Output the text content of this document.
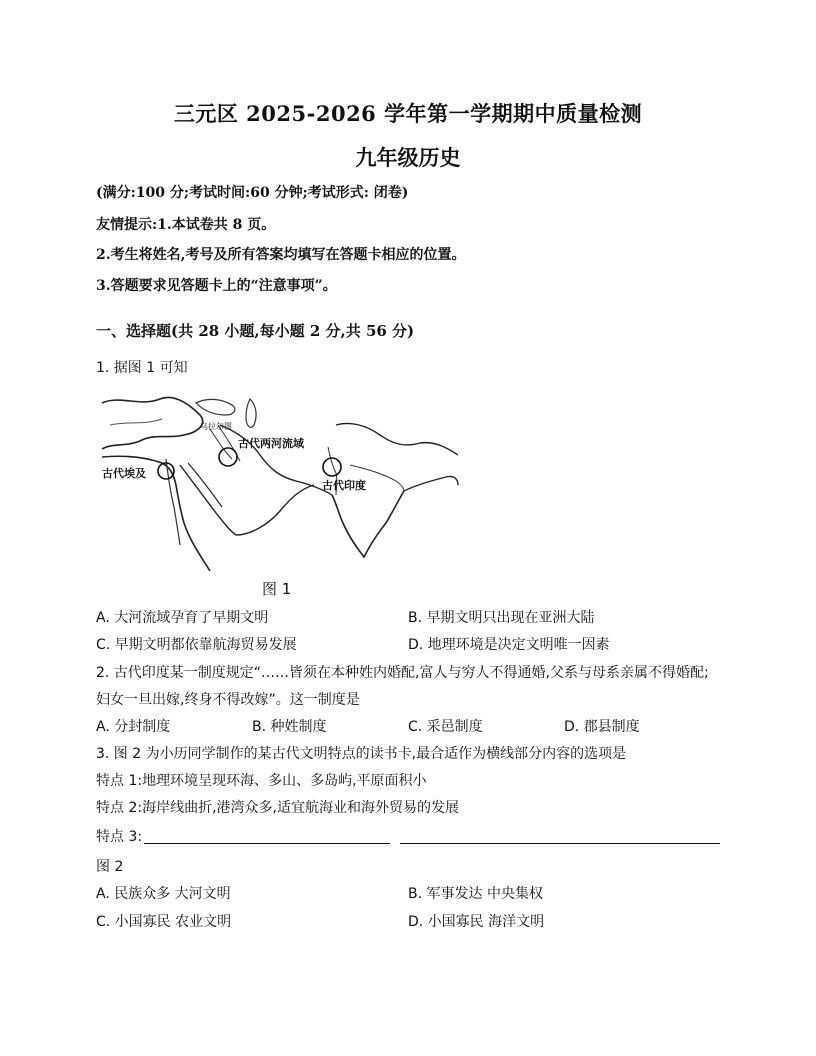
三元区 2025-2026 学年第一学期期中质量检测
九年级历史
(满分:100 分;考试时间:60 分钟;考试形式: 闭卷)
友情提示:1.本试卷共 8 页。
2.考生将姓名,考号及所有答案均填写在答题卡相应的位置。
3.答题要求见答题卡上的“注意事项”。
一、选择题(共 28 小题,每小题 2 分,共 56 分)
1. 据图 1 可知
乌拉尔图
古代两河流域
古代埃及
古代印度
图 1
A. 大河流域孕育了早期文明	B. 早期文明只出现在亚洲大陆
C. 早期文明都依靠航海贸易发展	D. 地理环境是决定文明唯一因素
2. 古代印度某一制度规定“……皆须在本种姓内婚配,富人与穷人不得通婚,父系与母系亲属不得婚配;
妇女一旦出嫁,终身不得改嫁”。这一制度是
A. 分封制度	B. 种姓制度	C. 采邑制度	D. 郡县制度
3. 图 2 为小历同学制作的某古代文明特点的读书卡,最合适作为横线部分内容的选项是
特点 1:地理环境呈现环海、多山、多岛屿,平原面积小
特点 2:海岸线曲折,港湾众多,适宜航海业和海外贸易的发展
特点 3:
图 2
A. 民族众多 大河文明	B. 军事发达 中央集权
C. 小国寡民 农业文明	D. 小国寡民 海洋文明
